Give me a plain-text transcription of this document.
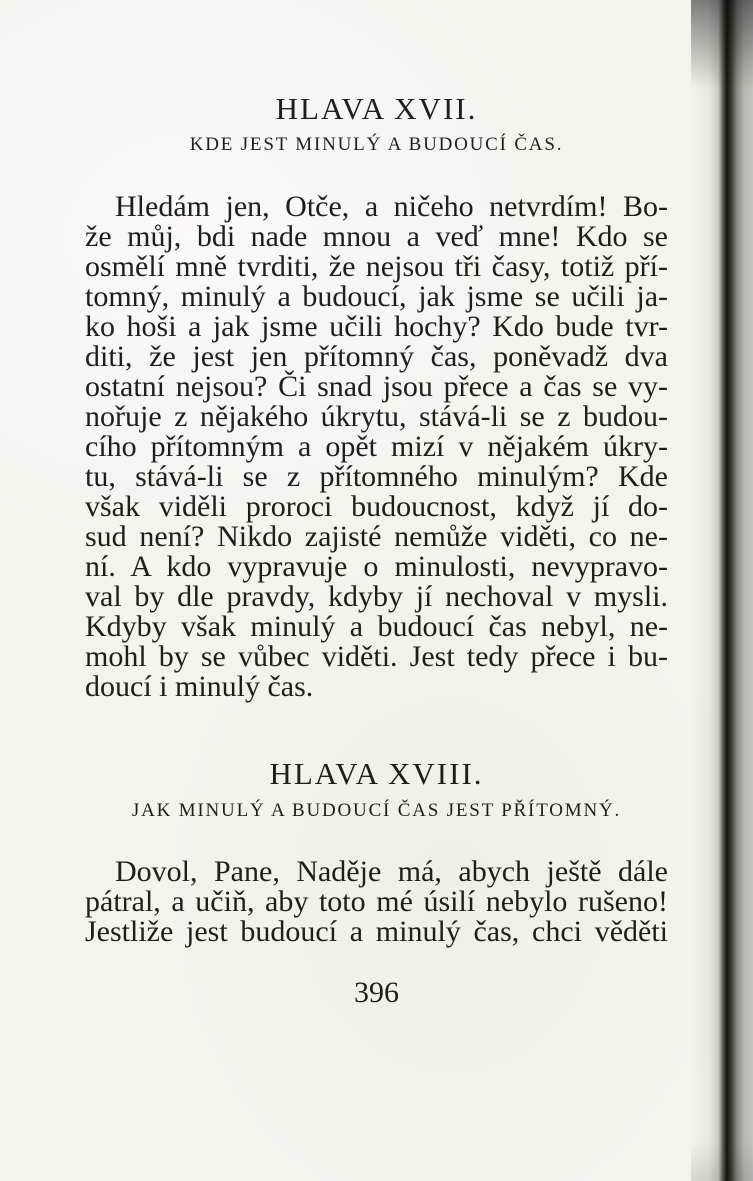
HLAVA XVII.
KDE JEST MINULÝ A BUDOUCÍ ČAS.
Hledám jen, Otče, a ničeho netvrdím! Bo-
že můj, bdi nade mnou a veď mne! Kdo se
osmělí mně tvrditi, že nejsou tři časy, totiž pří-
tomný, minulý a budoucí, jak jsme se učili ja-
ko hoši a jak jsme učili hochy? Kdo bude tvr-
diti, že jest jen přítomný čas, poněvadž dva
ostatní nejsou? Či snad jsou přece a čas se vy-
nořuje z nějakého úkrytu, stává-li se z budou-
cího přítomným a opět mizí v nějakém úkry-
tu, stává-li se z přítomného minulým? Kde
však viděli proroci budoucnost, když jí do-
sud není? Nikdo zajisté nemůže viděti, co ne-
ní. A kdo vypravuje o minulosti, nevypravo-
val by dle pravdy, kdyby jí nechoval v mysli.
Kdyby však minulý a budoucí čas nebyl, ne-
mohl by se vůbec viděti. Jest tedy přece i bu-
doucí i minulý čas.
HLAVA XVIII.
JAK MINULÝ A BUDOUCÍ ČAS JEST PŘÍTOMNÝ.
Dovol, Pane, Naděje má, abych ještě dále
pátral, a učiň, aby toto mé úsilí nebylo rušeno!
Jestliže jest budoucí a minulý čas, chci věděti
396
